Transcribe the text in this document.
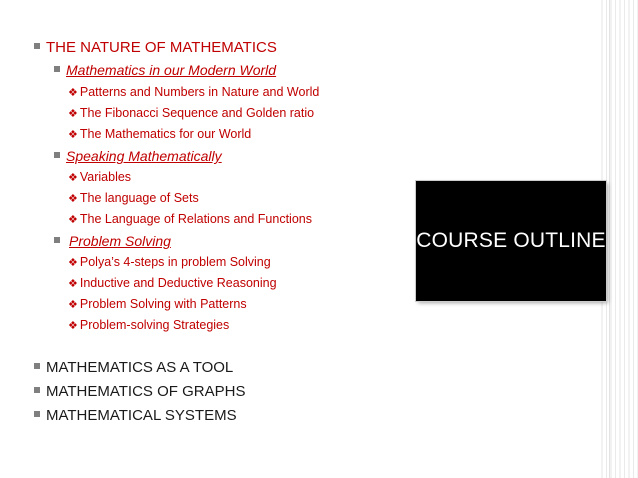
THE NATURE OF MATHEMATICS
Mathematics in our Modern World
❖ Patterns and Numbers in Nature and World
❖ The Fibonacci Sequence and Golden ratio
❖ The Mathematics for our World
Speaking Mathematically
❖ Variables
❖ The language of Sets
❖ The Language of Relations and Functions
Problem Solving
❖ Polya’s 4-steps in problem Solving
❖ Inductive and Deductive Reasoning
❖ Problem Solving with Patterns
❖ Problem-solving Strategies
MATHEMATICS AS A TOOL
MATHEMATICS OF GRAPHS
MATHEMATICAL SYSTEMS
COURSE OUTLINE
